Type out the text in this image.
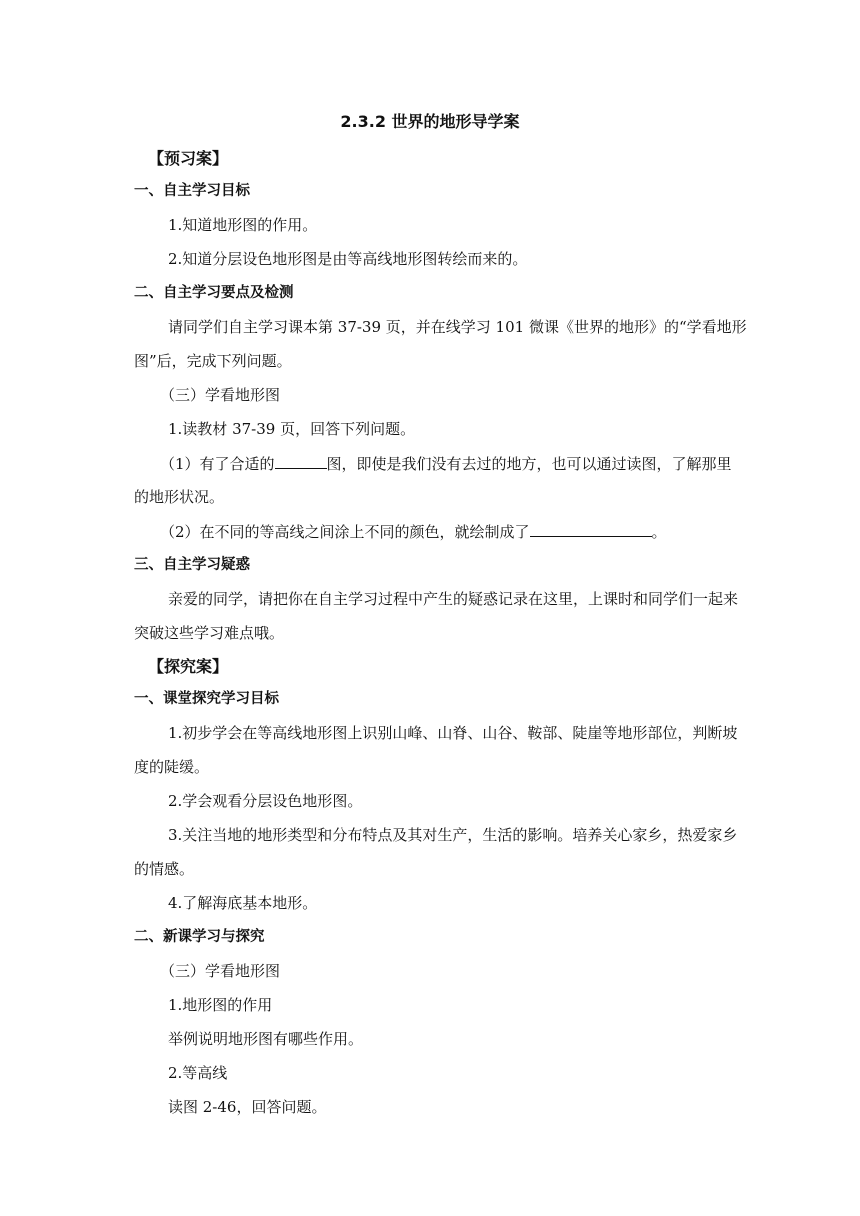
2.3.2 世界的地形导学案
【预习案】
一、自主学习目标
1.知道地形图的作用。
2.知道分层设色地形图是由等高线地形图转绘而来的。
二、自主学习要点及检测
请同学们自主学习课本第 37-39 页，并在线学习 101 微课《世界的地形》的“学看地形
图”后，完成下列问题。
（三）学看地形图
1.读教材 37-39 页，回答下列问题。
（1）有了合适的	图，即使是我们没有去过的地方，也可以通过读图，了解那里
的地形状况。
（2）在不同的等高线之间涂上不同的颜色，就绘制成了	。
三、自主学习疑惑
亲爱的同学，请把你在自主学习过程中产生的疑惑记录在这里，上课时和同学们一起来
突破这些学习难点哦。
【探究案】
一、课堂探究学习目标
1.初步学会在等高线地形图上识别山峰、山脊、山谷、鞍部、陡崖等地形部位，判断坡
度的陡缓。
2.学会观看分层设色地形图。
3.关注当地的地形类型和分布特点及其对生产，生活的影响。培养关心家乡，热爱家乡
的情感。
4.了解海底基本地形。
二、新课学习与探究
（三）学看地形图
1.地形图的作用
举例说明地形图有哪些作用。
2.等高线
读图 2-46，回答问题。
